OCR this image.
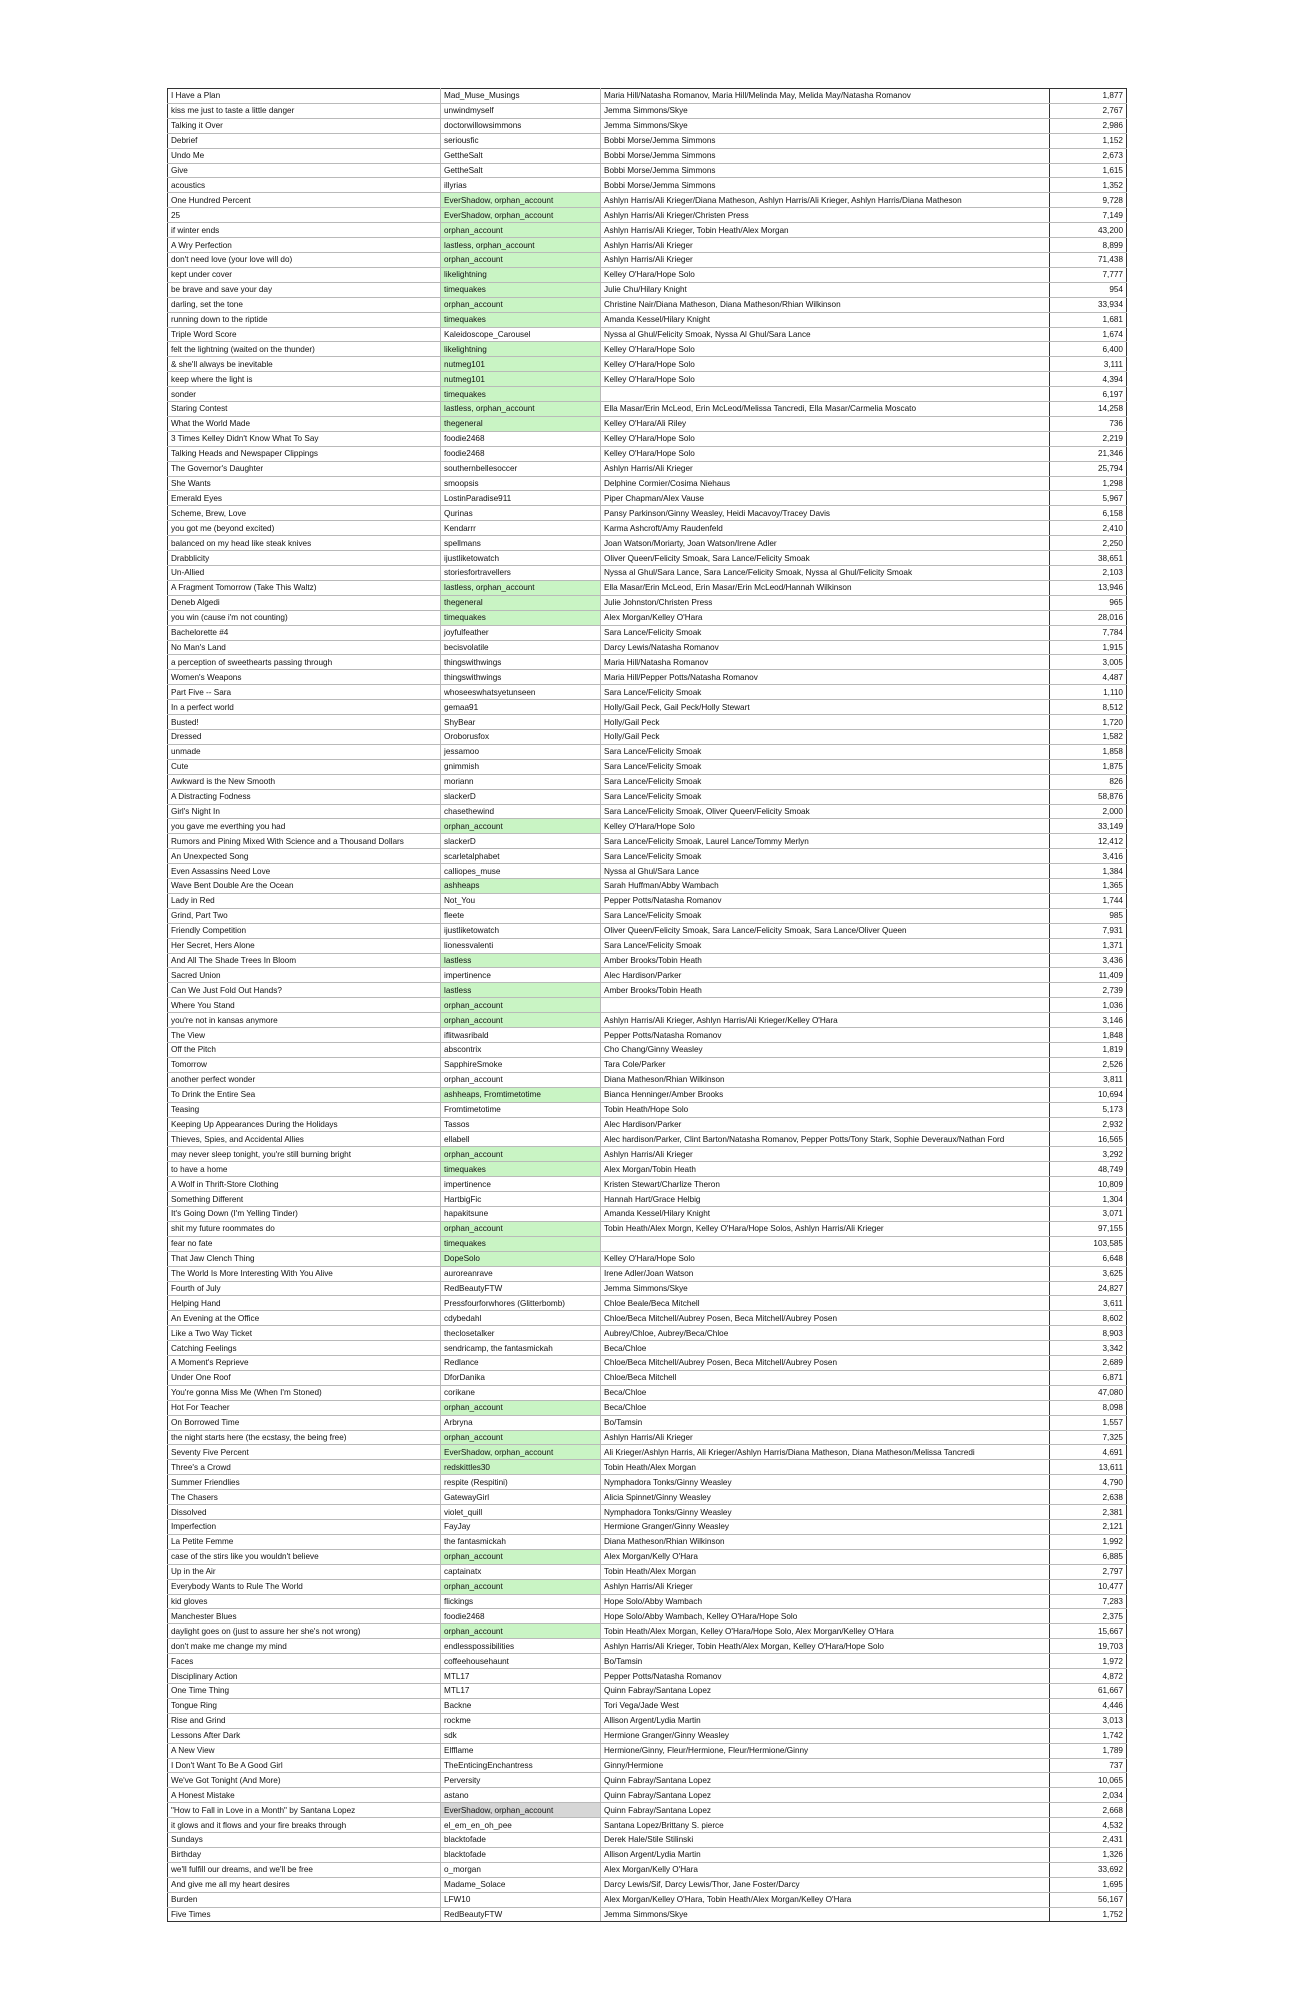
I Have a Plan	Mad_Muse_Musings	Maria Hill/Natasha Romanov, Maria Hill/Melinda May, Melida May/Natasha Romanov	1,877
kiss me just to taste a little danger	unwindmyself	Jemma Simmons/Skye	2,767
Talking it Over	doctorwillowsimmons	Jemma Simmons/Skye	2,986
Debrief	seriousfic	Bobbi Morse/Jemma Simmons	1,152
Undo Me	GettheSalt	Bobbi Morse/Jemma Simmons	2,673
Give	GettheSalt	Bobbi Morse/Jemma Simmons	1,615
acoustics	illyrias	Bobbi Morse/Jemma Simmons	1,352
One Hundred Percent	EverShadow, orphan_account	Ashlyn Harris/Ali Krieger/Diana Matheson, Ashlyn Harris/Ali Krieger, Ashlyn Harris/Diana Matheson	9,728
25	EverShadow, orphan_account	Ashlyn Harris/Ali Krieger/Christen Press	7,149
if winter ends	orphan_account	Ashlyn Harris/Ali Krieger, Tobin Heath/Alex Morgan	43,200
A Wry Perfection	lastless, orphan_account	Ashlyn Harris/Ali Krieger	8,899
don't need love (your love will do)	orphan_account	Ashlyn Harris/Ali Krieger	71,438
kept under cover	likelightning	Kelley O'Hara/Hope Solo	7,777
be brave and save your day	timequakes	Julie Chu/Hilary Knight	954
darling, set the tone	orphan_account	Christine Nair/Diana Matheson, Diana Matheson/Rhian Wilkinson	33,934
running down to the riptide	timequakes	Amanda Kessel/Hilary Knight	1,681
Triple Word Score	Kaleidoscope_Carousel	Nyssa al Ghul/Felicity Smoak, Nyssa Al Ghul/Sara Lance	1,674
felt the lightning (waited on the thunder)	likelightning	Kelley O'Hara/Hope Solo	6,400
& she'll always be inevitable	nutmeg101	Kelley O'Hara/Hope Solo	3,111
keep where the light is	nutmeg101	Kelley O'Hara/Hope Solo	4,394
sonder	timequakes		6,197
Staring Contest	lastless, orphan_account	Ella Masar/Erin McLeod, Erin McLeod/Melissa Tancredi, Ella Masar/Carmelia Moscato	14,258
What the World Made	thegeneral	Kelley O'Hara/Ali Riley	736
3 Times Kelley Didn't Know What To Say	foodie2468	Kelley O'Hara/Hope Solo	2,219
Talking Heads and Newspaper Clippings	foodie2468	Kelley O'Hara/Hope Solo	21,346
The Governor's Daughter	southernbellesoccer	Ashlyn Harris/Ali Krieger	25,794
She Wants	smoopsis	Delphine Cormier/Cosima Niehaus	1,298
Emerald Eyes	LostinParadise911	Piper Chapman/Alex Vause	5,967
Scheme, Brew, Love	Qurinas	Pansy Parkinson/Ginny Weasley, Heidi Macavoy/Tracey Davis	6,158
you got me (beyond excited)	Kendarrr	Karma Ashcroft/Amy Raudenfeld	2,410
balanced on my head like steak knives	spellmans	Joan Watson/Moriarty, Joan Watson/Irene Adler	2,250
Drabblicity	ijustliketowatch	Oliver Queen/Felicity Smoak, Sara Lance/Felicity Smoak	38,651
Un-Allied	storiesfortravellers	Nyssa al Ghul/Sara Lance, Sara Lance/Felicity Smoak, Nyssa al Ghul/Felicity Smoak	2,103
A Fragment Tomorrow (Take This Waltz)	lastless, orphan_account	Ella Masar/Erin McLeod, Erin Masar/Erin McLeod/Hannah Wilkinson	13,946
Deneb Algedi	thegeneral	Julie Johnston/Christen Press	965
you win (cause i'm not counting)	timequakes	Alex Morgan/Kelley O'Hara	28,016
Bachelorette #4	joyfulfeather	Sara Lance/Felicity Smoak	7,784
No Man's Land	becisvolatile	Darcy Lewis/Natasha Romanov	1,915
a perception of sweethearts passing through	thingswithwings	Maria Hill/Natasha Romanov	3,005
Women's Weapons	thingswithwings	Maria Hill/Pepper Potts/Natasha Romanov	4,487
Part Five -- Sara	whoseeswhatsyetunseen	Sara Lance/Felicity Smoak	1,110
In a perfect world	gemaa91	Holly/Gail Peck, Gail Peck/Holly Stewart	8,512
Busted!	ShyBear	Holly/Gail Peck	1,720
Dressed	Oroborusfox	Holly/Gail Peck	1,582
unmade	jessamoo	Sara Lance/Felicity Smoak	1,858
Cute	gnimmish	Sara Lance/Felicity Smoak	1,875
Awkward is the New Smooth	moriann	Sara Lance/Felicity Smoak	826
A Distracting Fodness	slackerD	Sara Lance/Felicity Smoak	58,876
Girl's Night In	chasethewind	Sara Lance/Felicity Smoak, Oliver Queen/Felicity Smoak	2,000
you gave me everthing you had	orphan_account	Kelley O'Hara/Hope Solo	33,149
Rumors and Pining Mixed With Science and a Thousand Dollars	slackerD	Sara Lance/Felicity Smoak, Laurel Lance/Tommy Merlyn	12,412
An Unexpected Song	scarletalphabet	Sara Lance/Felicity Smoak	3,416
Even Assassins Need Love	calliopes_muse	Nyssa al Ghul/Sara Lance	1,384
Wave Bent Double Are the Ocean	ashheaps	Sarah Huffman/Abby Wambach	1,365
Lady in Red	Not_You	Pepper Potts/Natasha Romanov	1,744
Grind, Part Two	fleete	Sara Lance/Felicity Smoak	985
Friendly Competition	ijustliketowatch	Oliver Queen/Felicity Smoak, Sara Lance/Felicity Smoak, Sara Lance/Oliver Queen	7,931
Her Secret, Hers Alone	lionessvalenti	Sara Lance/Felicity Smoak	1,371
And All The Shade Trees In Bloom	lastless	Amber Brooks/Tobin Heath	3,436
Sacred Union	impertinence	Alec Hardison/Parker	11,409
Can We Just Fold Out Hands?	lastless	Amber Brooks/Tobin Heath	2,739
Where You Stand	orphan_account		1,036
you're not in kansas anymore	orphan_account	Ashlyn Harris/Ali Krieger, Ashlyn Harris/Ali Krieger/Kelley O'Hara	3,146
The View	iflitwasribald	Pepper Potts/Natasha Romanov	1,848
Off the Pitch	abscontrix	Cho Chang/Ginny Weasley	1,819
Tomorrow	SapphireSmoke	Tara Cole/Parker	2,526
another perfect wonder	orphan_account	Diana Matheson/Rhian Wilkinson	3,811
To Drink the Entire Sea	ashheaps, Fromtimetotime	Bianca Henninger/Amber Brooks	10,694
Teasing	Fromtimetotime	Tobin Heath/Hope Solo	5,173
Keeping Up Appearances During the Holidays	Tassos	Alec Hardison/Parker	2,932
Thieves, Spies, and Accidental Allies	ellabell	Alec hardison/Parker, Clint Barton/Natasha Romanov, Pepper Potts/Tony Stark, Sophie Deveraux/Nathan Ford	16,565
may never sleep tonight, you're still burning bright	orphan_account	Ashlyn Harris/Ali Krieger	3,292
to have a home	timequakes	Alex Morgan/Tobin Heath	48,749
A Wolf in Thrift-Store Clothing	impertinence	Kristen Stewart/Charlize Theron	10,809
Something Different	HartbigFic	Hannah Hart/Grace Helbig	1,304
It's Going Down (I'm Yelling Tinder)	hapakitsune	Amanda Kessel/Hilary Knight	3,071
shit my future roommates do	orphan_account	Tobin Heath/Alex Morgn, Kelley O'Hara/Hope Solos, Ashlyn Harris/Ali Krieger	97,155
fear no fate	timequakes		103,585
That Jaw Clench Thing	DopeSolo	Kelley O'Hara/Hope Solo	6,648
The World Is More Interesting With You Alive	auroreanrave	Irene Adler/Joan Watson	3,625
Fourth of July	RedBeautyFTW	Jemma Simmons/Skye	24,827
Helping Hand	Pressfourforwhores (Glitterbomb)	Chloe Beale/Beca Mitchell	3,611
An Evening at the Office	cdybedahl	Chloe/Beca Mitchell/Aubrey Posen, Beca Mitchell/Aubrey Posen	8,602
Like a Two Way Ticket	theclosetalker	Aubrey/Chloe, Aubrey/Beca/Chloe	8,903
Catching Feelings	sendricamp, the fantasmickah	Beca/Chloe	3,342
A Moment's Reprieve	Redlance	Chloe/Beca Mitchell/Aubrey Posen, Beca Mitchell/Aubrey Posen	2,689
Under One Roof	DforDanika	Chloe/Beca Mitchell	6,871
You're gonna Miss Me (When I'm Stoned)	corikane	Beca/Chloe	47,080
Hot For Teacher	orphan_account	Beca/Chloe	8,098
On Borrowed Time	Arbryna	Bo/Tamsin	1,557
the night starts here (the ecstasy, the being free)	orphan_account	Ashlyn Harris/Ali Krieger	7,325
Seventy Five Percent	EverShadow, orphan_account	Ali Krieger/Ashlyn Harris, Ali Krieger/Ashlyn Harris/Diana Matheson, Diana Matheson/Melissa Tancredi	4,691
Three's a Crowd	redskittles30	Tobin Heath/Alex Morgan	13,611
Summer Friendlies	respite (Respitini)	Nymphadora Tonks/Ginny Weasley	4,790
The Chasers	GatewayGirl	Alicia Spinnet/Ginny Weasley	2,638
Dissolved	violet_quill	Nymphadora Tonks/Ginny Weasley	2,381
Imperfection	FayJay	Hermione Granger/Ginny Weasley	2,121
La Petite Femme	the fantasmickah	Diana Matheson/Rhian Wilkinson	1,992
case of the stirs like you wouldn't believe	orphan_account	Alex Morgan/Kelly O'Hara	6,885
Up in the Air	captainatx	Tobin Heath/Alex Morgan	2,797
Everybody Wants to Rule The World	orphan_account	Ashlyn Harris/Ali Krieger	10,477
kid gloves	flickings	Hope Solo/Abby Wambach	7,283
Manchester Blues	foodie2468	Hope Solo/Abby Wambach, Kelley O'Hara/Hope Solo	2,375
daylight goes on (just to assure her she's not wrong)	orphan_account	Tobin Heath/Alex Morgan, Kelley O'Hara/Hope Solo, Alex Morgan/Kelley O'Hara	15,667
don't make me change my mind	endlesspossibilities	Ashlyn Harris/Ali Krieger, Tobin Heath/Alex Morgan, Kelley O'Hara/Hope Solo	19,703
Faces	coffeehousehaunt	Bo/Tamsin	1,972
Disciplinary Action	MTL17	Pepper Potts/Natasha Romanov	4,872
One Time Thing	MTL17	Quinn Fabray/Santana Lopez	61,667
Tongue Ring	Backne	Tori Vega/Jade West	4,446
Rise and Grind	rockme	Allison Argent/Lydia Martin	3,013
Lessons After Dark	sdk	Hermione Granger/Ginny Weasley	1,742
A New View	Elfflame	Hermione/Ginny, Fleur/Hermione, Fleur/Hermione/Ginny	1,789
I Don't Want To Be A Good Girl	TheEnticingEnchantress	Ginny/Hermione	737
We've Got Tonight (And More)	Perversity	Quinn Fabray/Santana Lopez	10,065
A Honest Mistake	astano	Quinn Fabray/Santana Lopez	2,034
"How to Fall in Love in a Month" by Santana Lopez	EverShadow, orphan_account	Quinn Fabray/Santana Lopez	2,668
it glows and it flows and your fire breaks through	el_em_en_oh_pee	Santana Lopez/Brittany S. pierce	4,532
Sundays	blacktofade	Derek Hale/Stile Stilinski	2,431
Birthday	blacktofade	Allison Argent/Lydia Martin	1,326
we'll fulfill our dreams, and we'll be free	o_morgan	Alex Morgan/Kelly O'Hara	33,692
And give me all my heart desires	Madame_Solace	Darcy Lewis/Sif, Darcy Lewis/Thor, Jane Foster/Darcy	1,695
Burden	LFW10	Alex Morgan/Kelley O'Hara, Tobin Heath/Alex Morgan/Kelley O'Hara	56,167
Five Times	RedBeautyFTW	Jemma Simmons/Skye	1,752
